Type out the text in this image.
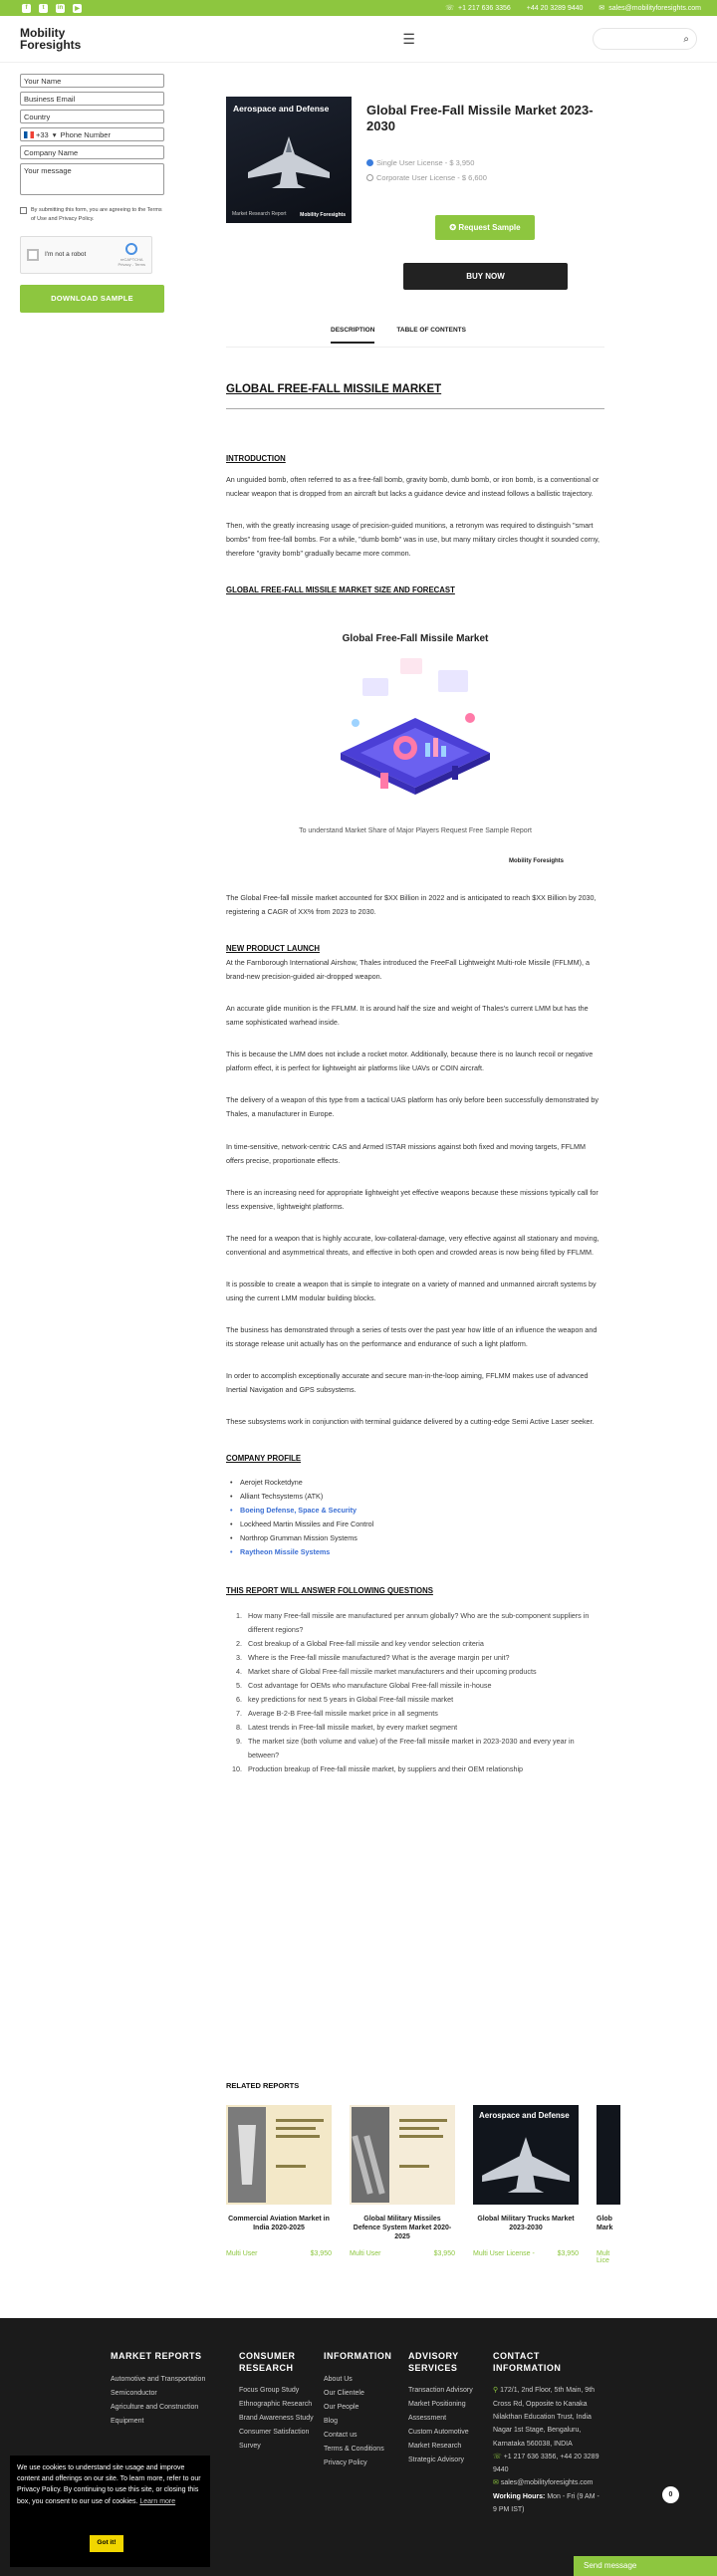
f	t	in	▶	☏ +1 217 636 3356 +44 20 3289 9440 ✉ sales@mobilityforesights.com
Mobility
Foresights	☰	⌕
Your Name
Business Email
Country
+33 ▾ Phone Number
Company Name
Your message
By submitting this form, you are agreeing to the Terms of Use and Privacy Policy.
I'm not a robot
reCAPTCHA
Privacy - Terms
DOWNLOAD SAMPLE
Aerospace and Defense
Market Research Report	Mobility Foresights
Global Free-Fall Missile Market 2023-2030
Single User License - $ 3,950
Corporate User License - $ 6,600
✪ Request Sample
BUY NOW
DESCRIPTION	TABLE OF CONTENTS
GLOBAL FREE-FALL MISSILE MARKET
INTRODUCTION

An unguided bomb, often referred to as a free-fall bomb, gravity bomb, dumb bomb, or iron bomb, is a conventional or nuclear weapon that is dropped from an aircraft but lacks a guidance device and instead follows a ballistic trajectory.

Then, with the greatly increasing usage of precision-guided munitions, a retronym was required to distinguish "smart bombs" from free-fall bombs. For a while, "dumb bomb" was in use, but many military circles thought it sounded corny, therefore "gravity bomb" gradually became more common.

GLOBAL FREE-FALL MISSILE MARKET SIZE AND FORECAST
Global Free-Fall Missile Market
To understand Market Share of Major Players Request Free Sample Report
Mobility Foresights

The Global Free-fall missile market accounted for $XX Billion in 2022 and is anticipated to reach $XX Billion by 2030, registering a CAGR of XX% from 2023 to 2030.

NEW PRODUCT LAUNCH

At the Farnborough International Airshow, Thales introduced the FreeFall Lightweight Multi-role Missile (FFLMM), a brand-new precision-guided air-dropped weapon.

An accurate glide munition is the FFLMM. It is around half the size and weight of Thales's current LMM but has the same sophisticated warhead inside.

This is because the LMM does not include a rocket motor. Additionally, because there is no launch recoil or negative platform effect, it is perfect for lightweight air platforms like UAVs or COIN aircraft.

The delivery of a weapon of this type from a tactical UAS platform has only before been successfully demonstrated by Thales, a manufacturer in Europe.

In time-sensitive, network-centric CAS and Armed ISTAR missions against both fixed and moving targets, FFLMM offers precise, proportionate effects.

There is an increasing need for appropriate lightweight yet effective weapons because these missions typically call for less expensive, lightweight platforms.

The need for a weapon that is highly accurate, low-collateral-damage, very effective against all stationary and moving, conventional and asymmetrical threats, and effective in both open and crowded areas is now being filled by FFLMM.

It is possible to create a weapon that is simple to integrate on a variety of manned and unmanned aircraft systems by using the current LMM modular building blocks.

The business has demonstrated through a series of tests over the past year how little of an influence the weapon and its storage release unit actually has on the performance and endurance of such a light platform.

In order to accomplish exceptionally accurate and secure man-in-the-loop aiming, FFLMM makes use of advanced Inertial Navigation and GPS subsystems.

These subsystems work in conjunction with terminal guidance delivered by a cutting-edge Semi Active Laser seeker.

COMPANY PROFILE
• Aerojet Rocketdyne
• Alliant Techsystems (ATK)
• Boeing Defense, Space & Security
• Lockheed Martin Missiles and Fire Control
• Northrop Grumman Mission Systems
• Raytheon Missile Systems
THIS REPORT WILL ANSWER FOLLOWING QUESTIONS
1. How many Free-fall missile are manufactured per annum globally? Who are the sub-component suppliers in different regions?
2. Cost breakup of a Global Free-fall missile and key vendor selection criteria
3. Where is the Free-fall missile manufactured? What is the average margin per unit?
4. Market share of Global Free-fall missile market manufacturers and their upcoming products
5. Cost advantage for OEMs who manufacture Global Free-fall missile in-house
6. key predictions for next 5 years in Global Free-fall missile market
7. Average B-2-B Free-fall missile market price in all segments
8. Latest trends in Free-fall missile market, by every market segment
9. The market size (both volume and value) of the Free-fall missile market in 2023-2030 and every year in between?
10. Production breakup of Free-fall missile market, by suppliers and their OEM relationship
RELATED REPORTS
Commercial Aviation Market in India 2020-2025
Multi User	$3,950
Global Military Missiles Defence System Market 2020-2025
Multi User	$3,950
Aerospace and Defense
Global Military Trucks Market 2023-2030
Multi User License -	$3,950
Glob Mark
Mult Lice
MARKET REPORTS
Automotive and Transportation
Semiconductor
Agriculture and Construction Equipment
CONSUMER RESEARCH
Focus Group Study
Ethnographic Research
Brand Awareness Study
Consumer Satisfaction Survey
INFORMATION
About Us
Our Clientele
Our People
Blog
Contact us
Terms & Conditions
Privacy Policy
ADVISORY SERVICES
Transaction Advisory
Market Positioning Assessment
Custom Automotive Market Research
Strategic Advisory
CONTACT INFORMATION
⚲ 172/1, 2nd Floor, 5th Main, 9th Cross Rd, Opposite to Kanaka Nilakthan Education Trust, India Nagar 1st Stage, Bengaluru, Karnataka 560038, INDIA
☏ +1 217 636 3356, +44 20 3289 9440
✉ sales@mobilityforesights.com
Working Hours: Mon - Fri (9 AM - 9 PM IST)
We use cookies to understand site usage and improve content and offerings on our site. To learn more, refer to our Privacy Policy. By continuing to use this site, or closing this box, you consent to our use of cookies. Learn more
Got it!
0
Send message
